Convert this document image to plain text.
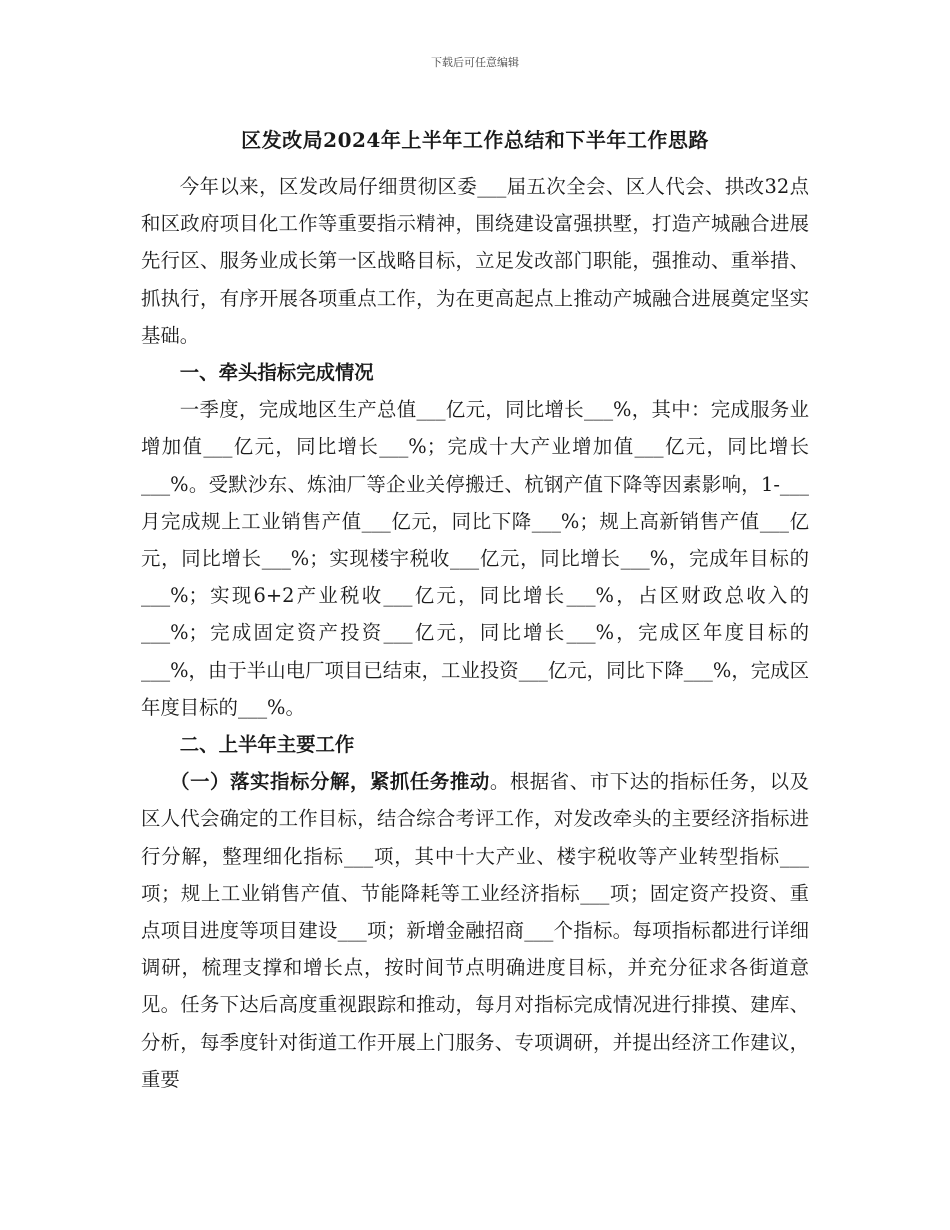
下载后可任意编辑
区发改局2024年上半年工作总结和下半年工作思路

今年以来，区发改局仔细贯彻区委___届五次全会、区人代会、拱改32点和区政府项目化工作等重要指示精神，围绕建设富强拱墅，打造产城融合进展先行区、服务业成长第一区战略目标，立足发改部门职能，强推动、重举措、抓执行，有序开展各项重点工作，为在更高起点上推动产城融合进展奠定坚实基础。

一、牵头指标完成情况

一季度，完成地区生产总值___亿元，同比增长___%，其中：完成服务业增加值___亿元，同比增长___%；完成十大产业增加值___亿元，同比增长___%。受默沙东、炼油厂等企业关停搬迁、杭钢产值下降等因素影响，1-___月完成规上工业销售产值___亿元，同比下降___%；规上高新销售产值___亿元，同比增长___%；实现楼宇税收___亿元，同比增长___%，完成年目标的___%；实现6+2产业税收___亿元，同比增长___%，占区财政总收入的___%；完成固定资产投资___亿元，同比增长___%，完成区年度目标的___%，由于半山电厂项目已结束，工业投资___亿元，同比下降___%，完成区年度目标的___%。

二、上半年主要工作

（一）落实指标分解，紧抓任务推动。根据省、市下达的指标任务，以及区人代会确定的工作目标，结合综合考评工作，对发改牵头的主要经济指标进行分解，整理细化指标___项，其中十大产业、楼宇税收等产业转型指标___项；规上工业销售产值、节能降耗等工业经济指标___项；固定资产投资、重点项目进度等项目建设___项；新增金融招商___个指标。每项指标都进行详细调研，梳理支撑和增长点，按时间节点明确进度目标，并充分征求各街道意见。任务下达后高度重视跟踪和推动，每月对指标完成情况进行排摸、建库、分析，每季度针对街道工作开展上门服务、专项调研，并提出经济工作建议，重要
